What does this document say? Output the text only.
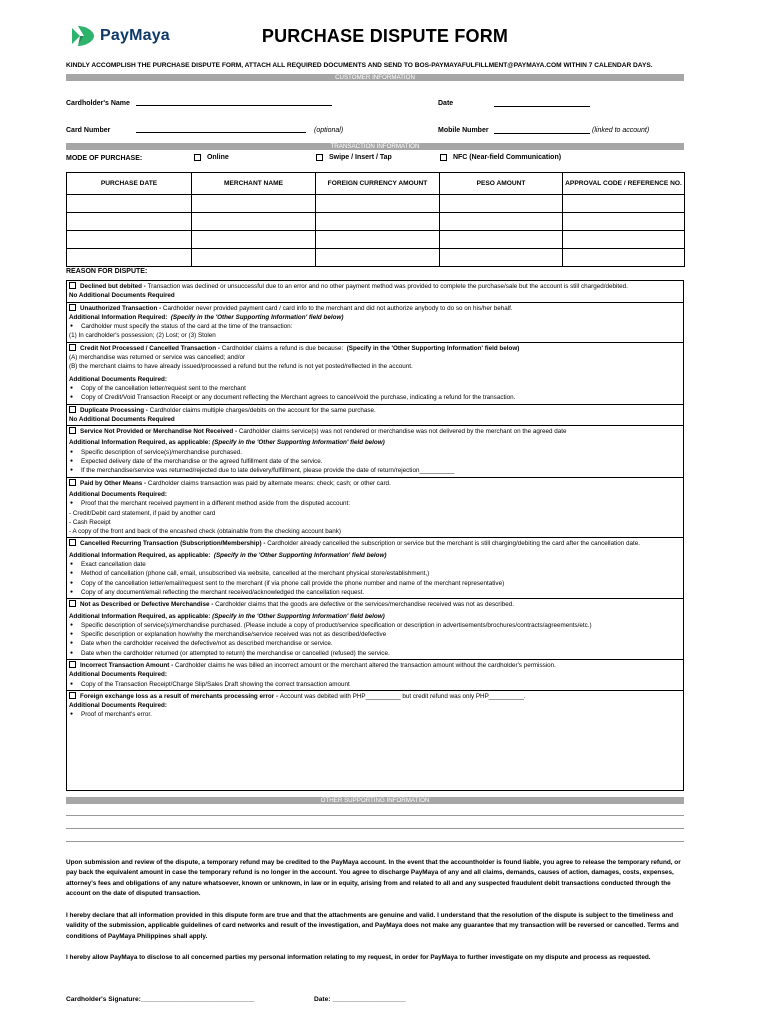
PayMaya	PURCHASE DISPUTE FORM
KINDLY ACCOMPLISH THE PURCHASE DISPUTE FORM, ATTACH ALL REQUIRED DOCUMENTS AND SEND TO BOS-PAYMAYAFULFILLMENT@PAYMAYA.COM WITHIN 7 CALENDAR DAYS.
CUSTOMER INFORMATION
Cardholder's Name	Date
Card Number	(optional)	Mobile Number	(linked to account)
TRANSACTION INFORMATION
MODE OF PURCHASE:	Online	Swipe / Insert / Tap	NFC (Near-field Communication)
PURCHASE DATE	MERCHANT NAME	FOREIGN CURRENCY AMOUNT	PESO AMOUNT	APPROVAL CODE / REFERENCE NO.

REASON FOR DISPUTE:
Declined but debited - Transaction was declined or unsuccessful due to an error and no other payment method was provided to complete the purchase/sale but the account is still charged/debited.
No Additional Documents Required
Unauthorized Transaction - Cardholder never provided payment card / card info to the merchant and did not authorize anybody to do so on his/her behalf.
Additional Information Required: (Specify in the 'Other Supporting Information' field below)
● Cardholder must specify the status of the card at the time of the transaction:
(1) In cardholder's possession; (2) Lost; or (3) Stolen
Credit Not Processed / Cancelled Transaction - Cardholder claims a refund is due because: (Specify in the 'Other Supporting Information' field below)
(A) merchandise was returned or service was cancelled; and/or
(B) the merchant claims to have already issued/processed a refund but the refund is not yet posted/reflected in the account.
Additional Documents Required:
● Copy of the cancellation letter/request sent to the merchant
● Copy of Credit/Void Transaction Receipt or any document reflecting the Merchant agrees to cancel/void the purchase, indicating a refund for the transaction.
Duplicate Processing - Cardholder claims multiple charges/debits on the account for the same purchase.
No Additional Documents Required
Service Not Provided or Merchandise Not Received - Cardholder claims service(s) was not rendered or merchandise was not delivered by the merchant on the agreed date
Additional Information Required, as applicable: (Specify in the 'Other Supporting Information' field below)
● Specific description of service(s)/merchandise purchased.
● Expected delivery date of the merchandise or the agreed fulfillment date of the service.
● If the merchandise/service was returned/rejected due to late delivery/fulfillment, please provide the date of return/rejection__________
Paid by Other Means - Cardholder claims transaction was paid by alternate means: check; cash; or other card.
Additional Documents Required:
● Proof that the merchant received payment in a different method aside from the disputed account:
- Credit/Debit card statement, if paid by another card
- Cash Receipt
- A copy of the front and back of the encashed check (obtainable from the checking account bank)
Cancelled Recurring Transaction (Subscription/Membership) - Cardholder already cancelled the subscription or service but the merchant is still charging/debiting the card after the cancellation date.
Additional Information Required, as applicable: (Specify in the 'Other Supporting Information' field below)
● Exact cancellation date
● Method of cancellation (phone call, email, unsubscribed via website, cancelled at the merchant physical store/establishment,)
● Copy of the cancellation letter/email/request sent to the merchant (if via phone call provide the phone number and name of the merchant representative)
● Copy of any document/email reflecting the merchant received/acknowledged the cancellation request.
Not as Described or Defective Merchandise - Cardholder claims that the goods are defective or the services/merchandise received was not as described.
Additional Information Required, as applicable: (Specify in the 'Other Supporting Information' field below)
● Specific description of service(s)/merchandise purchased. (Please include a copy of product/service specification or description in advertisements/brochures/contracts/agreements/etc.)
● Specific description or explanation how/why the merchandise/service received was not as described/defective
● Date when the cardholder received the defective/not as described merchandise or service.
● Date when the cardholder returned (or attempted to return) the merchandise or cancelled (refused) the service.
Incorrect Transaction Amount - Cardholder claims he was billed an incorrect amount or the merchant altered the transaction amount without the cardholder's permission.
Additional Documents Required:
● Copy of the Transaction Receipt/Charge Slip/Sales Draft showing the correct transaction amount
Foreign exchange loss as a result of merchants processing error - Account was debited with PHP__________ but credit refund was only PHP__________.
Additional Documents Required:
● Proof of merchant's error.
OTHER SUPPORTING INFORMATION
Upon submission and review of the dispute, a temporary refund may be credited to the PayMaya account. In the event that the accountholder is found liable, you agree to release the temporary refund, or pay back the equivalent amount in case the temporary refund is no longer in the account. You agree to discharge PayMaya of any and all claims, demands, causes of action, damages, costs, expenses, attorney's fees and obligations of any nature whatsoever, known or unknown, in law or in equity, arising from and related to all and any suspected fraudulent debit transactions conducted through the account on the date of disputed transaction.
I hereby declare that all information provided in this dispute form are true and that the attachments are genuine and valid. I understand that the resolution of the dispute is subject to the timeliness and validity of the submission, applicable guidelines of card networks and result of the investigation, and PayMaya does not make any guarantee that my transaction will be reversed or cancelled. Terms and conditions of PayMaya Philippines shall apply.
I hereby allow PayMaya to disclose to all concerned parties my personal information relating to my request, in order for PayMaya to further investigate on my dispute and process as requested.
Cardholder's Signature:_______________________________	Date: ____________________
